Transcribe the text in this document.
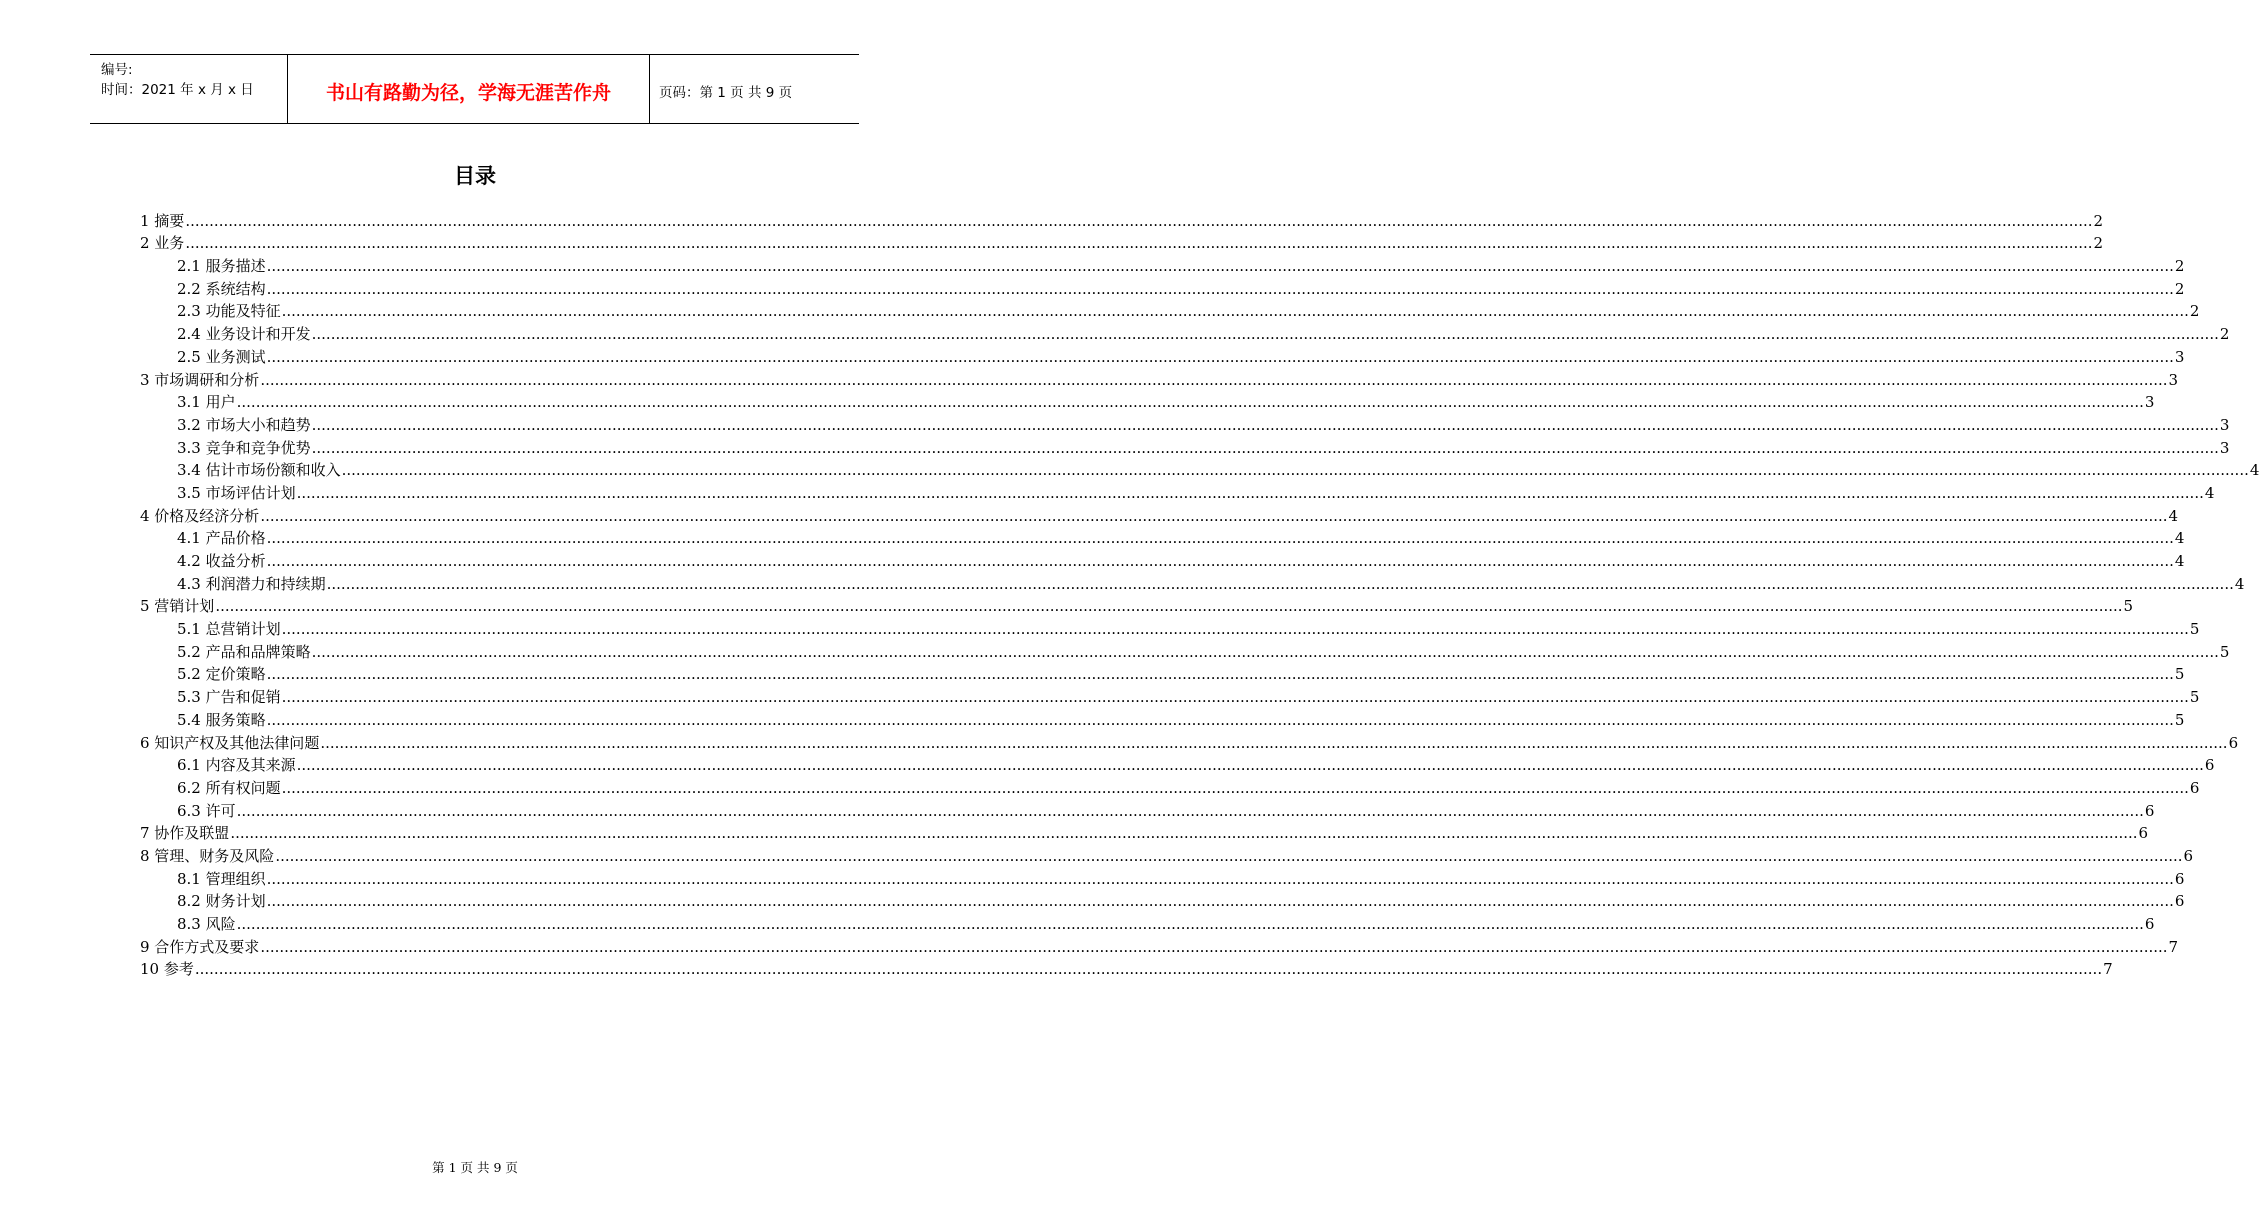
编号:
时间：2021 年 x 月 x 日	书山有路勤为径，学海无涯苦作舟	页码：第 1 页 共 9 页
目录
1 摘要 ................................................................................................................................................................................................................................................................................................................................................................................................................ 2
2 业务 ................................................................................................................................................................................................................................................................................................................................................................................................................ 2
2.1 服务描述 ................................................................................................................................................................................................................................................................................................................................................................................................................ 2
2.2 系统结构 ................................................................................................................................................................................................................................................................................................................................................................................................................ 2
2.3 功能及特征 ................................................................................................................................................................................................................................................................................................................................................................................................................ 2
2.4 业务设计和开发 ................................................................................................................................................................................................................................................................................................................................................................................................................ 2
2.5 业务测试 ................................................................................................................................................................................................................................................................................................................................................................................................................ 3
3 市场调研和分析 ................................................................................................................................................................................................................................................................................................................................................................................................................ 3
3.1 用户 ................................................................................................................................................................................................................................................................................................................................................................................................................ 3
3.2 市场大小和趋势 ................................................................................................................................................................................................................................................................................................................................................................................................................ 3
3.3 竞争和竞争优势 ................................................................................................................................................................................................................................................................................................................................................................................................................ 3
3.4 估计市场份额和收入 ................................................................................................................................................................................................................................................................................................................................................................................................................ 4
3.5 市场评估计划 ................................................................................................................................................................................................................................................................................................................................................................................................................ 4
4 价格及经济分析 ................................................................................................................................................................................................................................................................................................................................................................................................................ 4
4.1 产品价格 ................................................................................................................................................................................................................................................................................................................................................................................................................ 4
4.2 收益分析 ................................................................................................................................................................................................................................................................................................................................................................................................................ 4
4.3 利润潜力和持续期 ................................................................................................................................................................................................................................................................................................................................................................................................................ 4
5 营销计划 ................................................................................................................................................................................................................................................................................................................................................................................................................ 5
5.1 总营销计划 ................................................................................................................................................................................................................................................................................................................................................................................................................ 5
5.2 产品和品牌策略 ................................................................................................................................................................................................................................................................................................................................................................................................................ 5
5.2 定价策略 ................................................................................................................................................................................................................................................................................................................................................................................................................ 5
5.3 广告和促销 ................................................................................................................................................................................................................................................................................................................................................................................................................ 5
5.4 服务策略 ................................................................................................................................................................................................................................................................................................................................................................................................................ 5
6 知识产权及其他法律问题 ................................................................................................................................................................................................................................................................................................................................................................................................................ 6
6.1 内容及其来源 ................................................................................................................................................................................................................................................................................................................................................................................................................ 6
6.2 所有权问题 ................................................................................................................................................................................................................................................................................................................................................................................................................ 6
6.3 许可 ................................................................................................................................................................................................................................................................................................................................................................................................................ 6
7 协作及联盟 ................................................................................................................................................................................................................................................................................................................................................................................................................ 6
8 管理、财务及风险 ................................................................................................................................................................................................................................................................................................................................................................................................................ 6
8.1 管理组织 ................................................................................................................................................................................................................................................................................................................................................................................................................ 6
8.2 财务计划 ................................................................................................................................................................................................................................................................................................................................................................................................................ 6
8.3 风险 ................................................................................................................................................................................................................................................................................................................................................................................................................ 6
9 合作方式及要求 ................................................................................................................................................................................................................................................................................................................................................................................................................ 7
10 参考 ................................................................................................................................................................................................................................................................................................................................................................................................................ 7
第 1 页 共 9 页
